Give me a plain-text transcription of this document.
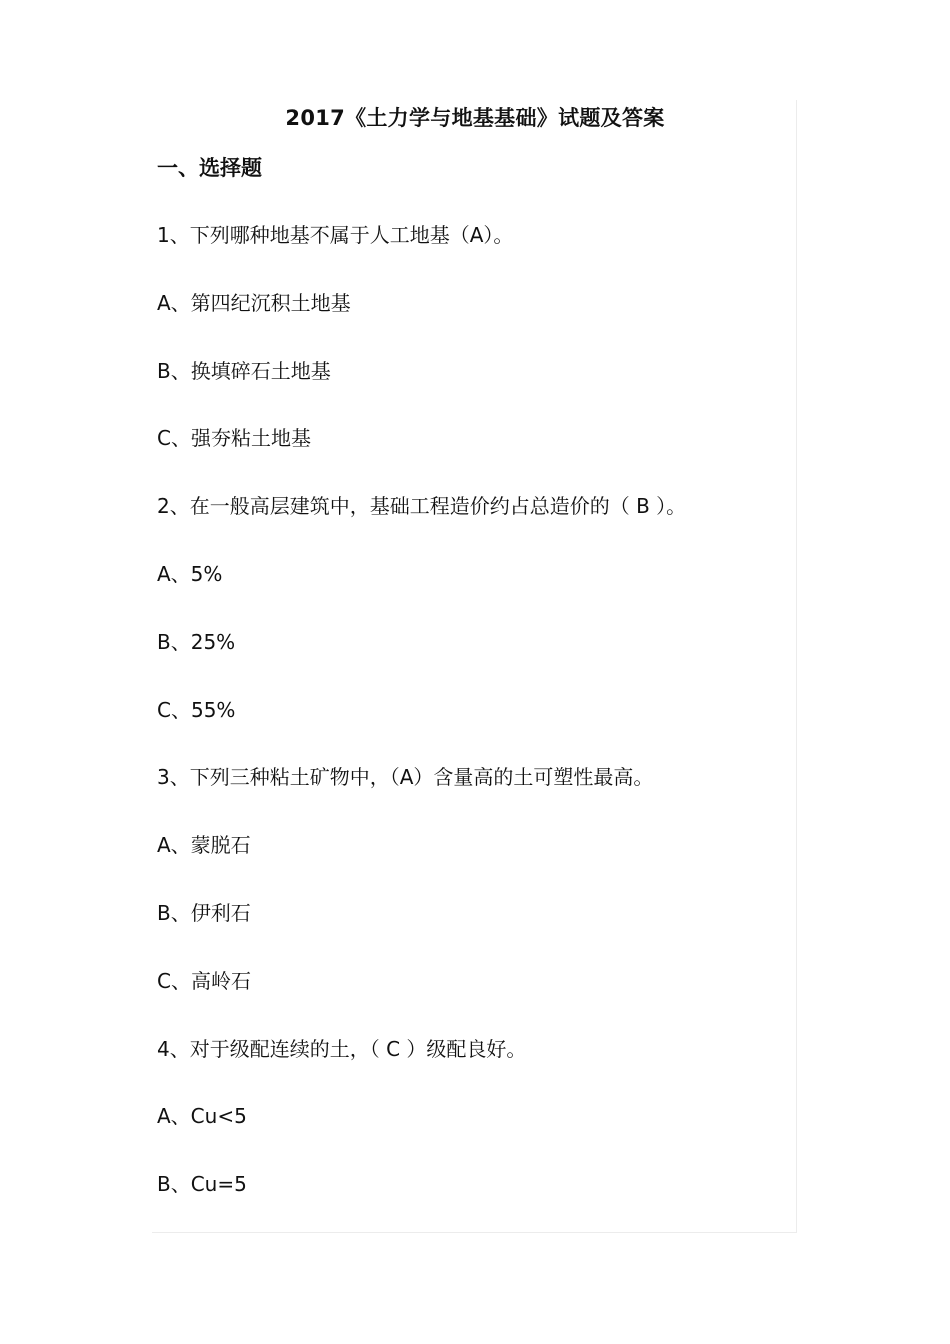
2017《土力学与地基基础》试题及答案
一、选择题
1、下列哪种地基不属于人工地基（A）。
A、第四纪沉积土地基
B、换填碎石土地基
C、强夯粘土地基
2、在一般高层建筑中，基础工程造价约占总造价的（ B ）。
A、5%
B、25%
C、55%
3、下列三种粘土矿物中，（A）含量高的土可塑性最高。
A、蒙脱石
B、伊利石
C、高岭石
4、对于级配连续的土，（ C ）级配良好。
A、Cu<5
B、Cu=5
